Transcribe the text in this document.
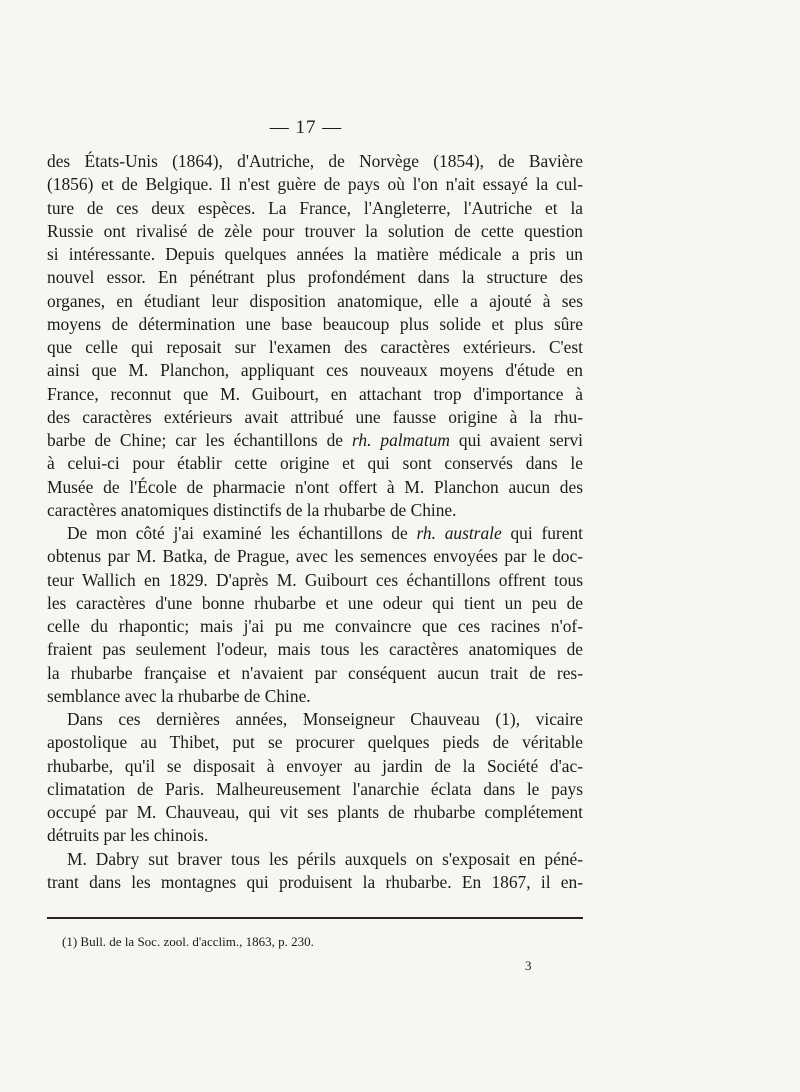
— 17 —
des États-Unis (1864), d'Autriche, de Norvège (1854), de Bavière
(1856) et de Belgique. Il n'est guère de pays où l'on n'ait essayé la cul-
ture de ces deux espèces. La France, l'Angleterre, l'Autriche et la
Russie ont rivalisé de zèle pour trouver la solution de cette question
si intéressante. Depuis quelques années la matière médicale a pris un
nouvel essor. En pénétrant plus profondément dans la structure des
organes, en étudiant leur disposition anatomique, elle a ajouté à ses
moyens de détermination une base beaucoup plus solide et plus sûre
que celle qui reposait sur l'examen des caractères extérieurs. C'est
ainsi que M. Planchon, appliquant ces nouveaux moyens d'étude en
France, reconnut que M. Guibourt, en attachant trop d'importance à
des caractères extérieurs avait attribué une fausse origine à la rhu-
barbe de Chine; car les échantillons de rh. palmatum qui avaient servi
à celui-ci pour établir cette origine et qui sont conservés dans le
Musée de l'École de pharmacie n'ont offert à M. Planchon aucun des
caractères anatomiques distinctifs de la rhubarbe de Chine.
De mon côté j'ai examiné les échantillons de rh. australe qui furent
obtenus par M. Batka, de Prague, avec les semences envoyées par le doc-
teur Wallich en 1829. D'après M. Guibourt ces échantillons offrent tous
les caractères d'une bonne rhubarbe et une odeur qui tient un peu de
celle du rhapontic; mais j'ai pu me convaincre que ces racines n'of-
fraient pas seulement l'odeur, mais tous les caractères anatomiques de
la rhubarbe française et n'avaient par conséquent aucun trait de res-
semblance avec la rhubarbe de Chine.
Dans ces dernières années, Monseigneur Chauveau (1), vicaire
apostolique au Thibet, put se procurer quelques pieds de véritable
rhubarbe, qu'il se disposait à envoyer au jardin de la Société d'ac-
climatation de Paris. Malheureusement l'anarchie éclata dans le pays
occupé par M. Chauveau, qui vit ses plants de rhubarbe complétement
détruits par les chinois.
M. Dabry sut braver tous les périls auxquels on s'exposait en péné-
trant dans les montagnes qui produisent la rhubarbe. En 1867, il en-
(1) Bull. de la Soc. zool. d'acclim., 1863, p. 230.
3
